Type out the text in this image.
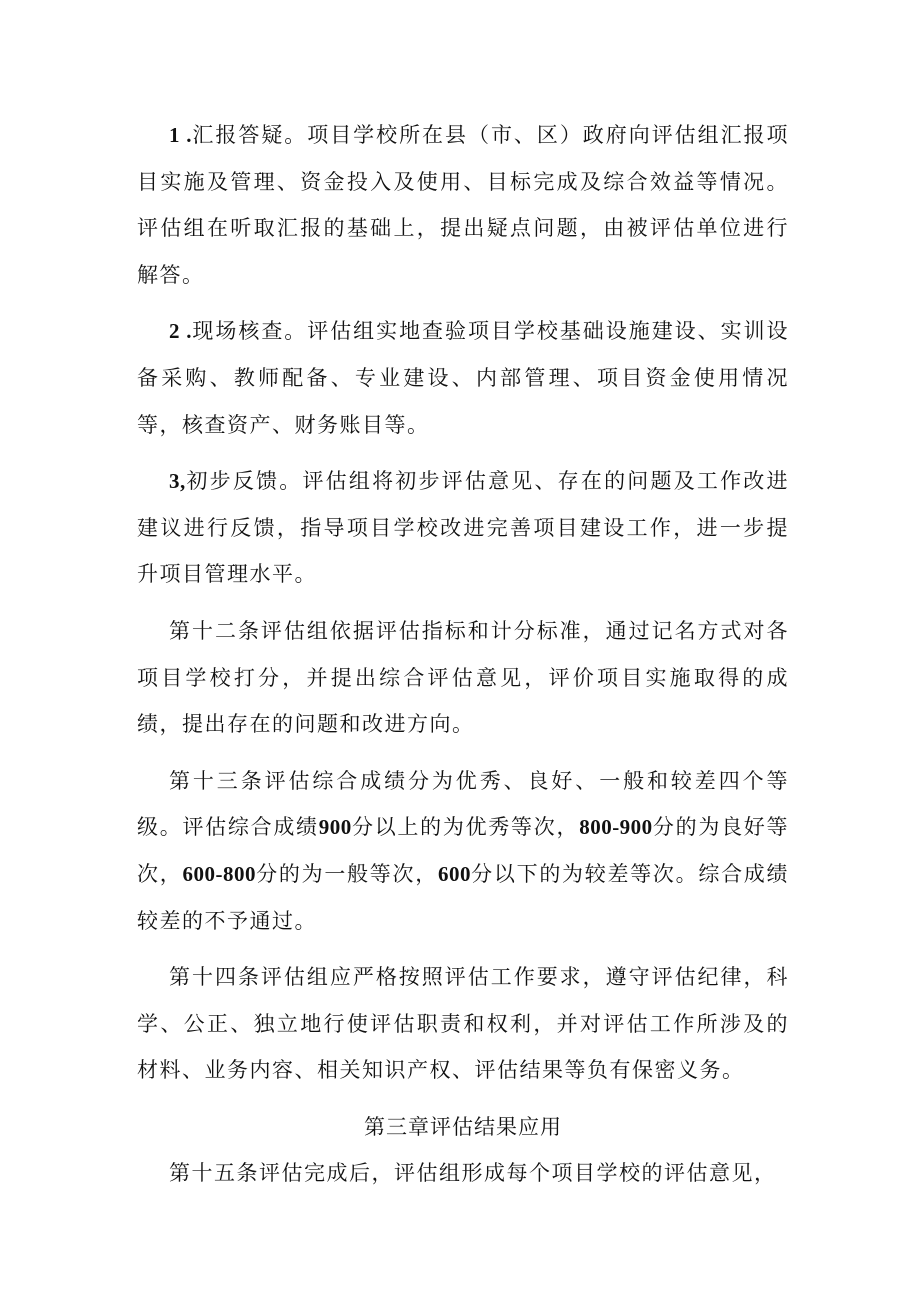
1 .汇报答疑。项目学校所在县（市、区）政府向评估组汇报项目实施及管理、资金投入及使用、目标完成及综合效益等情况。评估组在听取汇报的基础上，提出疑点问题，由被评估单位进行解答。

2 .现场核查。评估组实地查验项目学校基础设施建设、实训设备采购、教师配备、专业建设、内部管理、项目资金使用情况等，核查资产、财务账目等。

3,初步反馈。评估组将初步评估意见、存在的问题及工作改进建议进行反馈，指导项目学校改进完善项目建设工作，进一步提升项目管理水平。

第十二条评估组依据评估指标和计分标准，通过记名方式对各项目学校打分，并提出综合评估意见，评价项目实施取得的成绩，提出存在的问题和改进方向。

第十三条评估综合成绩分为优秀、良好、一般和较差四个等级。评估综合成绩900分以上的为优秀等次，800-900分的为良好等次，600-800分的为一般等次，600分以下的为较差等次。综合成绩较差的不予通过。

第十四条评估组应严格按照评估工作要求，遵守评估纪律，科学、公正、独立地行使评估职责和权利，并对评估工作所涉及的材料、业务内容、相关知识产权、评估结果等负有保密义务。

第三章评估结果应用

第十五条评估完成后，评估组形成每个项目学校的评估意见，
